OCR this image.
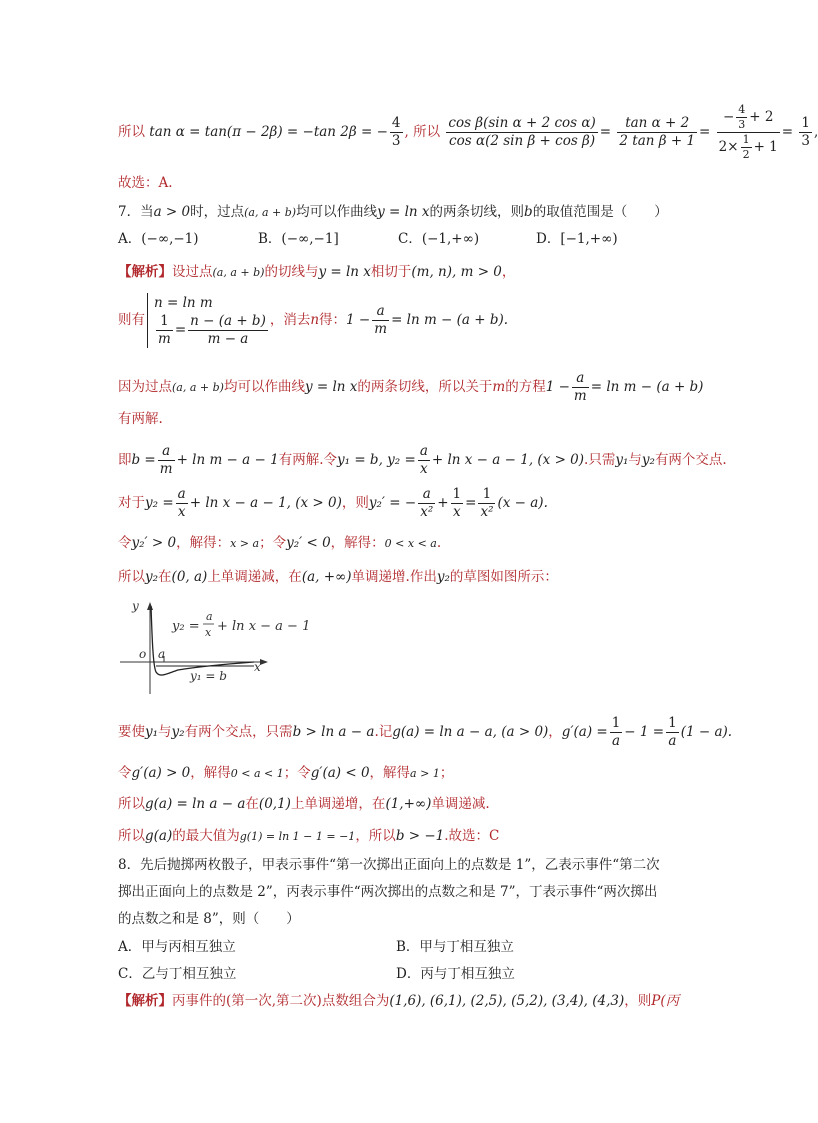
所以 tan α = tan(π − 2β) = −tan 2β = − $\frac{4}{3}$ , 所以 $\frac{\text{cos β(sin α + 2 cos α)}}{\text{cos α(2 sin β + cos β)}} = \frac{\text{tan α + 2}}{\text{2 tan β + 1}} = \frac{- \frac{4}{3} + 2}{2\times \frac{1}{2} + 1} = \frac{1}{3}$ ,
故选：A.
7．当a > 0时，过点(a, a + b)均可以作曲线y = ln x的两条切线，则b的取值范围是（　　）
A．(−∞,−1)	B．(−∞,−1]	C．(−1,+∞)	D．[−1,+∞)
【解析】设过点(a, a + b)的切线与y = ln x相切于(m, n), m > 0，
则有
n = ln m
$\frac{1}{m} = \frac{n - (a + b)}{m - a}$ ，消去n得：$1 - \frac{a}{m} = \ln m - (a + b)$.
因为过点(a, a + b)均可以作曲线y = ln x的两条切线，所以关于m的方程$1 - \frac{a}{m} = \ln m - (a + b)$
有两解.
即$b = \frac{a}{m} + \ln m - a - 1$有两解.令y₁ = b, $y_2 = \frac{a}{x} + \ln x - a - 1$, (x > 0).只需y₁与y₂有两个交点.
对于$y_2 = \frac{a}{x} + \ln x - a - 1$, (x > 0)，则y₂′ = − $\frac{a}{\text{x²}} + \frac{1}{x} = \frac{1}{\text{x²}} (x - a)$.
令y₂′ > 0，解得：x > a；令y₂′ < 0，解得：0 < x < a.
所以y₂在(0, a)上单调递减，在(a, +∞)单调递增.作出y₂的草图如图所示：
y
x
o a
y₂ =
a
x + ln x − a − 1
y₁ = b
要使y₁与y₂有两个交点，只需b > ln a − a.记g(a) = ln a − a, (a > 0)，$g'(a) = \frac{1}{a} - 1 = \frac{1}{a} (1 - a)$.
令g′(a) > 0，解得0 < a < 1；令g′(a) < 0，解得a > 1；
所以g(a) = ln a − a在(0,1)上单调递增，在(1,+∞)单调递减.
所以g(a)的最大值为g(1) = ln 1 − 1 = −1，所以b > −1.故选：C
8．先后抛掷两枚骰子，甲表示事件“第一次掷出正面向上的点数是 1”，乙表示事件“第二次
掷出正面向上的点数是 2”，丙表示事件“两次掷出的点数之和是 7”，丁表示事件“两次掷出
的点数之和是 8”，则（　　）
A．甲与丙相互独立	B．甲与丁相互独立
C．乙与丁相互独立	D．丙与丁相互独立
【解析】丙事件的(第一次,第二次)点数组合为(1,6), (6,1), (2,5), (5,2), (3,4), (4,3)，则P(丙
